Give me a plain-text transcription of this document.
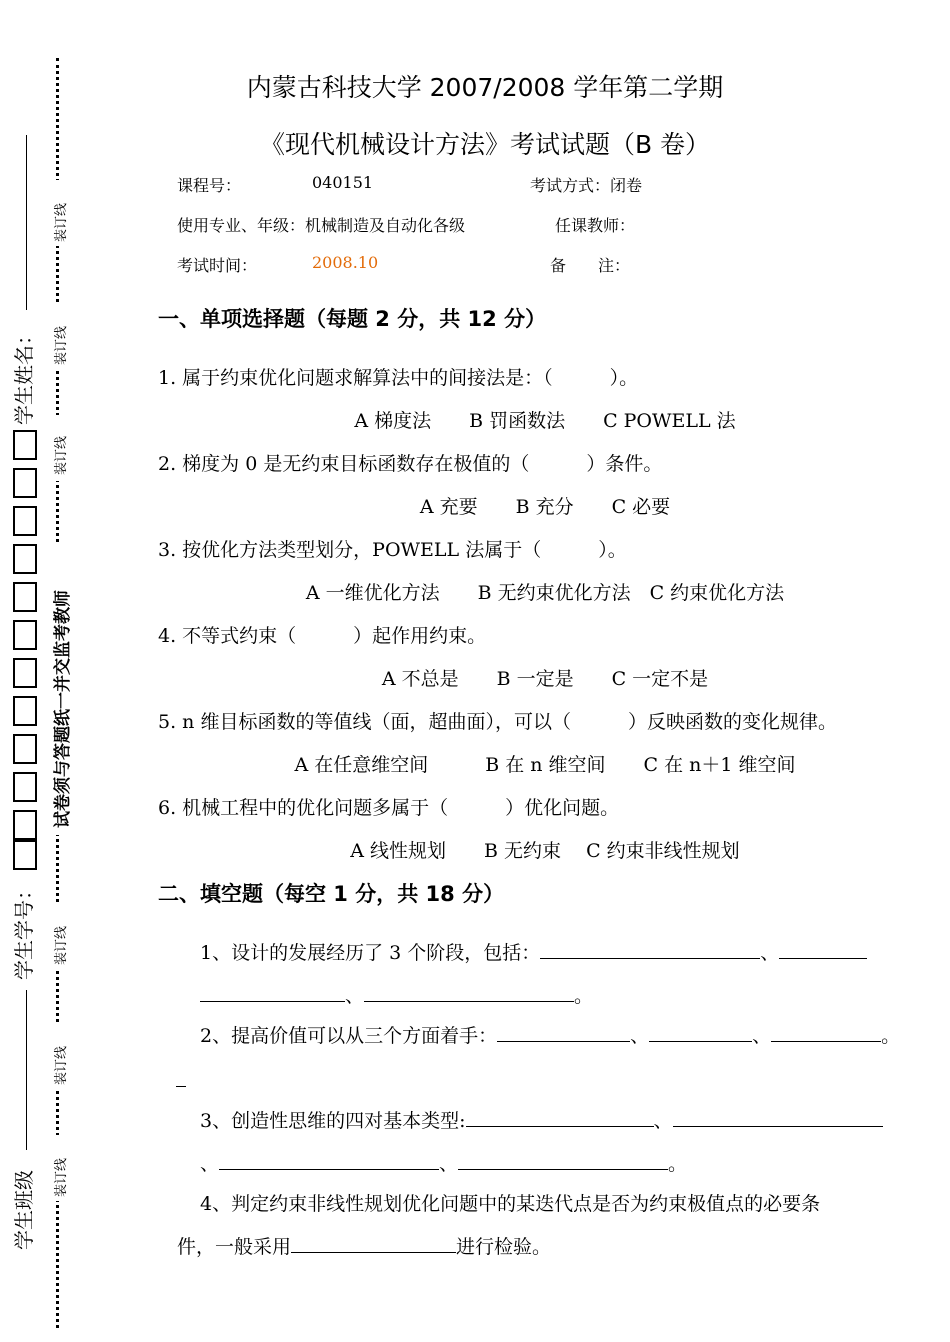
装订线
装订线
装订线
装订线
装订线
装订线
试卷须与答题纸一并交监考教师
学生姓名：
学生学号：
学生班级
内蒙古科技大学 2007/2008 学年第二学期
《现代机械设计方法》考试试题（B 卷）
课程号：	040151	考试方式：闭卷
使用专业、年级：机械制造及自动化各级	任课教师：
考试时间：	2008.10	备　　注：
一、单项选择题（每题 2 分，共 12 分）
1. 属于约束优化问题求解算法中的间接法是：（　　　）。
A 梯度法　　B 罚函数法　　C POWELL 法
2. 梯度为 0 是无约束目标函数存在极值的（　　　）条件。
A 充要　　B 充分　　C 必要
3. 按优化方法类型划分，POWELL 法属于（　　　）。
A 一维优化方法　　B 无约束优化方法　C 约束优化方法
4. 不等式约束（　　　）起作用约束。
A 不总是　　B 一定是　　C 一定不是
5. n 维目标函数的等值线（面，超曲面），可以（　　　）反映函数的变化规律。
A 在任意维空间　　　B 在 n 维空间　　C 在 n＋1 维空间
6. 机械工程中的优化问题多属于（　　　）优化问题。
A 线性规划　　B 无约束　 C 约束非线性规划
二、填空题（每空 1 分，共 18 分）
1、设计的发展经历了 3 个阶段，包括：	、
、	。
2、提高价值可以从三个方面着手：	、	、	。
3、创造性思维的四对基本类型:	、
、	、	。
4、判定约束非线性规划优化问题中的某迭代点是否为约束极值点的必要条
件，一般采用	进行检验。
